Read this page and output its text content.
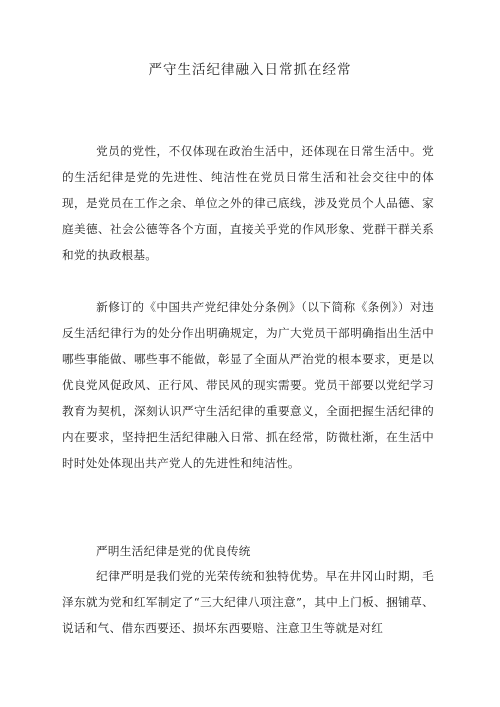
严守生活纪律融入日常抓在经常
党员的党性，不仅体现在政治生活中，还体现在日常生活中。党的生活纪律是党的先进性、纯洁性在党员日常生活和社会交往中的体现，是党员在工作之余、单位之外的律己底线，涉及党员个人品德、家庭美德、社会公德等各个方面，直接关乎党的作风形象、党群干群关系和党的执政根基。
新修订的《中国共产党纪律处分条例》（以下简称《条例》）对违反生活纪律行为的处分作出明确规定，为广大党员干部明确指出生活中哪些事能做、哪些事不能做，彰显了全面从严治党的根本要求，更是以优良党风促政风、正行风、带民风的现实需要。党员干部要以党纪学习教育为契机，深刻认识严守生活纪律的重要意义，全面把握生活纪律的内在要求，坚持把生活纪律融入日常、抓在经常，防微杜渐，在生活中时时处处体现出共产党人的先进性和纯洁性。
严明生活纪律是党的优良传统
纪律严明是我们党的光荣传统和独特优势。早在井冈山时期，毛泽东就为党和红军制定了“三大纪律八项注意”，其中上门板、捆铺草、说话和气、借东西要还、损坏东西要赔、注意卫生等就是对红
